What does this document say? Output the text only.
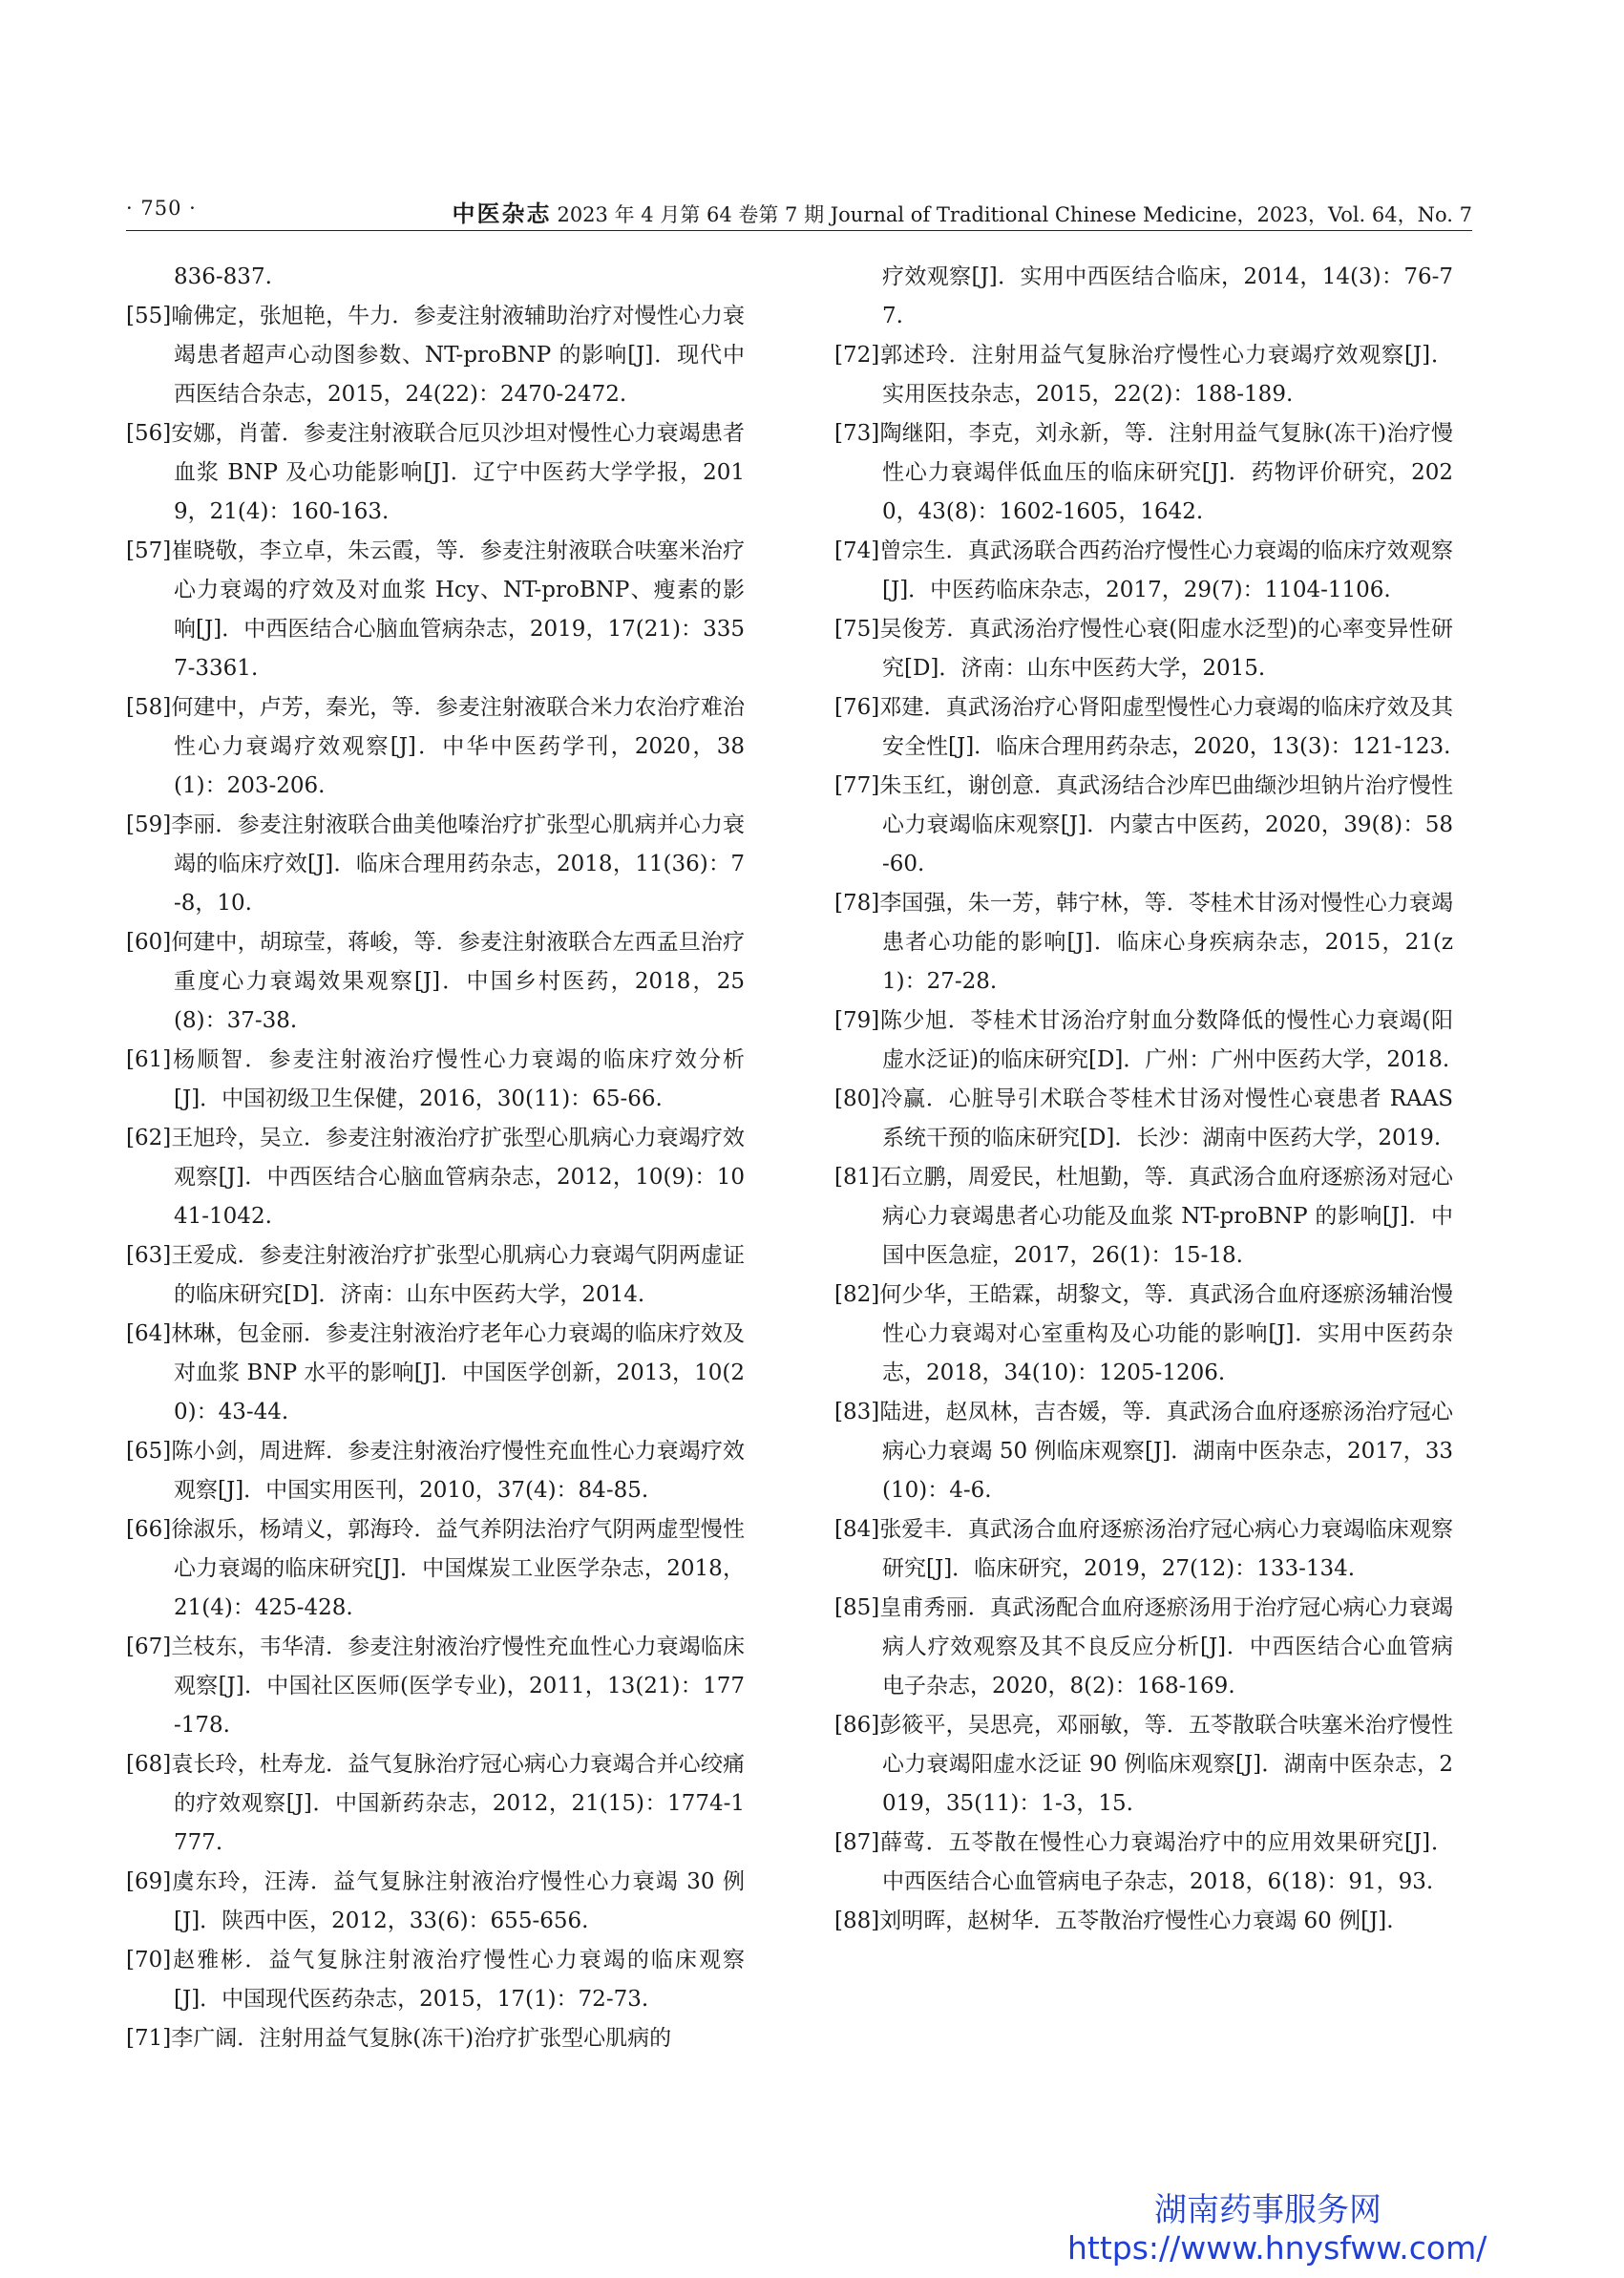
· 750 ·	中医杂志 2023 年 4 月第 64 卷第 7 期 Journal of Traditional Chinese Medicine，2023，Vol. 64，No. 7

836-837.

[55]喻佛定，张旭艳，牛力．参麦注射液辅助治疗对慢性心力衰竭患者超声心动图参数、NT-proBNP 的影响[J]．现代中西医结合杂志，2015，24(22)：2470-2472.

[56]安娜，肖蕾．参麦注射液联合厄贝沙坦对慢性心力衰竭患者血浆 BNP 及心功能影响[J]．辽宁中医药大学学报，2019，21(4)：160-163.

[57]崔晓敬，李立卓，朱云霞，等．参麦注射液联合呋塞米治疗心力衰竭的疗效及对血浆 Hcy、NT-proBNP、瘦素的影响[J]．中西医结合心脑血管病杂志，2019，17(21)：3357-3361.

[58]何建中，卢芳，秦光，等．参麦注射液联合米力农治疗难治性心力衰竭疗效观察[J]．中华中医药学刊，2020，38(1)：203-206.

[59]李丽．参麦注射液联合曲美他嗪治疗扩张型心肌病并心力衰竭的临床疗效[J]．临床合理用药杂志，2018，11(36)：7-8，10.

[60]何建中，胡琼莹，蒋峻，等．参麦注射液联合左西孟旦治疗重度心力衰竭效果观察[J]．中国乡村医药，2018，25(8)：37-38.

[61]杨顺智．参麦注射液治疗慢性心力衰竭的临床疗效分析[J]．中国初级卫生保健，2016，30(11)：65-66.

[62]王旭玲，吴立．参麦注射液治疗扩张型心肌病心力衰竭疗效观察[J]．中西医结合心脑血管病杂志，2012，10(9)：1041-1042.

[63]王爱成．参麦注射液治疗扩张型心肌病心力衰竭气阴两虚证的临床研究[D]．济南：山东中医药大学，2014.

[64]林琳，包金丽．参麦注射液治疗老年心力衰竭的临床疗效及对血浆 BNP 水平的影响[J]．中国医学创新，2013，10(20)：43-44.

[65]陈小剑，周进辉．参麦注射液治疗慢性充血性心力衰竭疗效观察[J]．中国实用医刊，2010，37(4)：84-85.

[66]徐淑乐，杨靖义，郭海玲．益气养阴法治疗气阴两虚型慢性心力衰竭的临床研究[J]．中国煤炭工业医学杂志，2018，21(4)：425-428.

[67]兰枝东，韦华清．参麦注射液治疗慢性充血性心力衰竭临床观察[J]．中国社区医师(医学专业)，2011，13(21)：177-178.

[68]袁长玲，杜寿龙．益气复脉治疗冠心病心力衰竭合并心绞痛的疗效观察[J]．中国新药杂志，2012，21(15)：1774-1777.

[69]虞东玲，汪涛．益气复脉注射液治疗慢性心力衰竭 30 例[J]．陕西中医，2012，33(6)：655-656.

[70]赵雅彬．益气复脉注射液治疗慢性心力衰竭的临床观察[J]．中国现代医药杂志，2015，17(1)：72-73.

[71]李广阔．注射用益气复脉(冻干)治疗扩张型心肌病的

疗效观察[J]．实用中西医结合临床，2014，14(3)：76-77.

[72]郭述玲．注射用益气复脉治疗慢性心力衰竭疗效观察[J]．实用医技杂志，2015，22(2)：188-189.

[73]陶继阳，李克，刘永新，等．注射用益气复脉(冻干)治疗慢性心力衰竭伴低血压的临床研究[J]．药物评价研究，2020，43(8)：1602-1605，1642.

[74]曾宗生．真武汤联合西药治疗慢性心力衰竭的临床疗效观察[J]．中医药临床杂志，2017，29(7)：1104-1106.

[75]吴俊芳．真武汤治疗慢性心衰(阳虚水泛型)的心率变异性研究[D]．济南：山东中医药大学，2015.

[76]邓建．真武汤治疗心肾阳虚型慢性心力衰竭的临床疗效及其安全性[J]．临床合理用药杂志，2020，13(3)：121-123.

[77]朱玉红，谢创意．真武汤结合沙库巴曲缬沙坦钠片治疗慢性心力衰竭临床观察[J]．内蒙古中医药，2020，39(8)：58-60.

[78]李国强，朱一芳，韩宁林，等．苓桂术甘汤对慢性心力衰竭患者心功能的影响[J]．临床心身疾病杂志，2015，21(z1)：27-28.

[79]陈少旭．苓桂术甘汤治疗射血分数降低的慢性心力衰竭(阳虚水泛证)的临床研究[D]．广州：广州中医药大学，2018.

[80]冷赢．心脏导引术联合苓桂术甘汤对慢性心衰患者 RAAS 系统干预的临床研究[D]．长沙：湖南中医药大学，2019.

[81]石立鹏，周爱民，杜旭勤，等．真武汤合血府逐瘀汤对冠心病心力衰竭患者心功能及血浆 NT-proBNP 的影响[J]．中国中医急症，2017，26(1)：15-18.

[82]何少华，王皓霖，胡黎文，等．真武汤合血府逐瘀汤辅治慢性心力衰竭对心室重构及心功能的影响[J]．实用中医药杂志，2018，34(10)：1205-1206.

[83]陆进，赵凤林，吉杏媛，等．真武汤合血府逐瘀汤治疗冠心病心力衰竭 50 例临床观察[J]．湖南中医杂志，2017，33(10)：4-6.

[84]张爱丰．真武汤合血府逐瘀汤治疗冠心病心力衰竭临床观察研究[J]．临床研究，2019，27(12)：133-134.

[85]皇甫秀丽．真武汤配合血府逐瘀汤用于治疗冠心病心力衰竭病人疗效观察及其不良反应分析[J]．中西医结合心血管病电子杂志，2020，8(2)：168-169.

[86]彭筱平，吴思亮，邓丽敏，等．五苓散联合呋塞米治疗慢性心力衰竭阳虚水泛证 90 例临床观察[J]．湖南中医杂志，2019，35(11)：1-3，15.

[87]薛莺．五苓散在慢性心力衰竭治疗中的应用效果研究[J]．中西医结合心血管病电子杂志，2018，6(18)：91，93.

[88]刘明晖，赵树华．五苓散治疗慢性心力衰竭 60 例[J].

湖南药事服务网
https://www.hnysfww.com/
